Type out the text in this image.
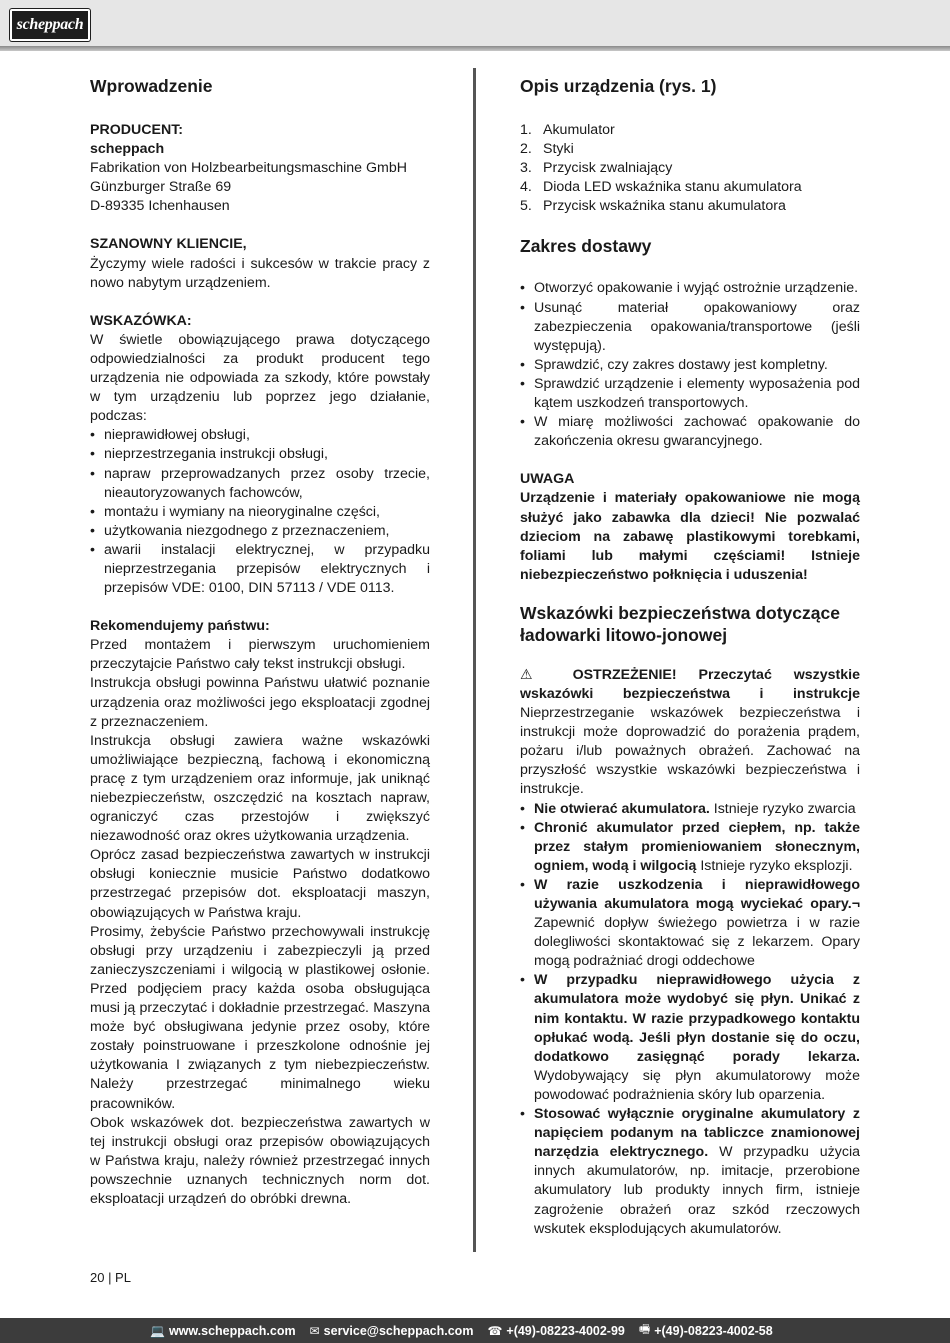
scheppach
Wprowadzenie

PRODUCENT:

scheppach

Fabrikation von Holzbearbeitungsmaschine GmbH

Günzburger Straße 69

D-89335 Ichenhausen

SZANOWNY KLIENCIE,

Życzymy wiele radości i sukcesów w trakcie pracy z nowo nabytym urządzeniem.

WSKAZÓWKA:

W świetle obowiązującego prawa dotyczącego odpowiedzialności za produkt producent tego urządzenia nie odpowiada za szkody, które powstały w tym urządzeniu lub poprzez jego działanie, podczas:

• nieprawidłowej obsługi,
• nieprzestrzegania instrukcji obsługi,
• napraw przeprowadzanych przez osoby trzecie, nieautoryzowanych fachowców,
• montażu i wymiany na nieoryginalne części,
• użytkowania niezgodnego z przeznaczeniem,
• awarii instalacji elektrycznej, w przypadku nieprzestrzegania przepisów elektrycznych i przepisów VDE: 0100, DIN 57113 / VDE 0113.

Rekomendujemy państwu:

Przed montażem i pierwszym uruchomieniem przeczytajcie Państwo cały tekst instrukcji obsługi.

Instrukcja obsługi powinna Państwu ułatwić poznanie urządzenia oraz możliwości jego eksploatacji zgodnej z przeznaczeniem.

Instrukcja obsługi zawiera ważne wskazówki umożliwiające bezpieczną, fachową i ekonomiczną pracę z tym urządzeniem oraz informuje, jak uniknąć niebezpieczeństw, oszczędzić na kosztach napraw, ograniczyć czas przestojów i zwiększyć niezawodność oraz okres użytkowania urządzenia.

Oprócz zasad bezpieczeństwa zawartych w instrukcji obsługi koniecznie musicie Państwo dodatkowo przestrzegać przepisów dot. eksploatacji maszyn, obowiązujących w Państwa kraju.

Prosimy, żebyście Państwo przechowywali instrukcję obsługi przy urządzeniu i zabezpieczyli ją przed zanieczyszczeniami i wilgocią w plastikowej osłonie. Przed podjęciem pracy każda osoba obsługująca musi ją przeczytać i dokładnie przestrzegać. Maszyna może być obsługiwana jedynie przez osoby, które zostały poinstruowane i przeszkolone odnośnie jej użytkowania I związanych z tym niebezpieczeństw. Należy przestrzegać minimalnego wieku pracowników.

Obok wskazówek dot. bezpieczeństwa zawartych w tej instrukcji obsługi oraz przepisów obowiązujących w Państwa kraju, należy również przestrzegać innych powszechnie uznanych technicznych norm dot. eksploatacji urządzeń do obróbki drewna.

Opis urządzenia (rys. 1)
1. Akumulator
2. Styki
3. Przycisk zwalniający
4. Dioda LED wskaźnika stanu akumulatora
5. Przycisk wskaźnika stanu akumulatora
Zakres dostawy
• Otworzyć opakowanie i wyjąć ostrożnie urządzenie.
• Usunąć materiał opakowaniowy oraz zabezpieczenia opakowania/transportowe (jeśli występują).
• Sprawdzić, czy zakres dostawy jest kompletny.
• Sprawdzić urządzenie i elementy wyposażenia pod kątem uszkodzeń transportowych.
• W miarę możliwości zachować opakowanie do zakończenia okresu gwarancyjnego.

UWAGA

Urządzenie i materiały opakowaniowe nie mogą służyć jako zabawka dla dzieci! Nie pozwalać dzieciom na zabawę plastikowymi torebkami, foliami lub małymi częściami! Istnieje niebezpieczeństwo połknięcia i uduszenia!

Wskazówki bezpieczeństwa dotyczące ładowarki litowo-jonowej

⚠ OSTRZEŻENIE! Przeczytać wszystkie wskazówki bezpieczeństwa i instrukcje Nieprzestrzeganie wskazówek bezpieczeństwa i instrukcji może doprowadzić do porażenia prądem, pożaru i/lub poważnych obrażeń. Zachować na przyszłość wszystkie wskazówki bezpieczeństwa i instrukcje.

• Nie otwierać akumulatora. Istnieje ryzyko zwarcia
• Chronić akumulator przed ciepłem, np. także przez stałym promieniowaniem słonecznym, ogniem, wodą i wilgocią Istnieje ryzyko eksplozji.
• W razie uszkodzenia i nieprawidłowego używania akumulatora mogą wyciekać opary.¬ Zapewnić dopływ świeżego powietrza i w razie dolegliwości skontaktować się z lekarzem. Opary mogą podrażniać drogi oddechowe
• W przypadku nieprawidłowego użycia z akumulatora może wydobyć się płyn. Unikać z nim kontaktu. W razie przypadkowego kontaktu opłukać wodą. Jeśli płyn dostanie się do oczu, dodatkowo zasięgnąć porady lekarza. Wydobywający się płyn akumulatorowy może powodować podrażnienia skóry lub oparzenia.
• Stosować wyłącznie oryginalne akumulatory z napięciem podanym na tabliczce znamionowej narzędzia elektrycznego. W przypadku użycia innych akumulatorów, np. imitacje, przerobione akumulatory lub produkty innych firm, istnieje zagrożenie obrażeń oraz szkód rzeczowych wskutek eksplodujących akumulatorów.
20 | PL
💻 www.scheppach.com ✉ service@scheppach.com ☎ +(49)-08223-4002-99 🖷 +(49)-08223-4002-58
